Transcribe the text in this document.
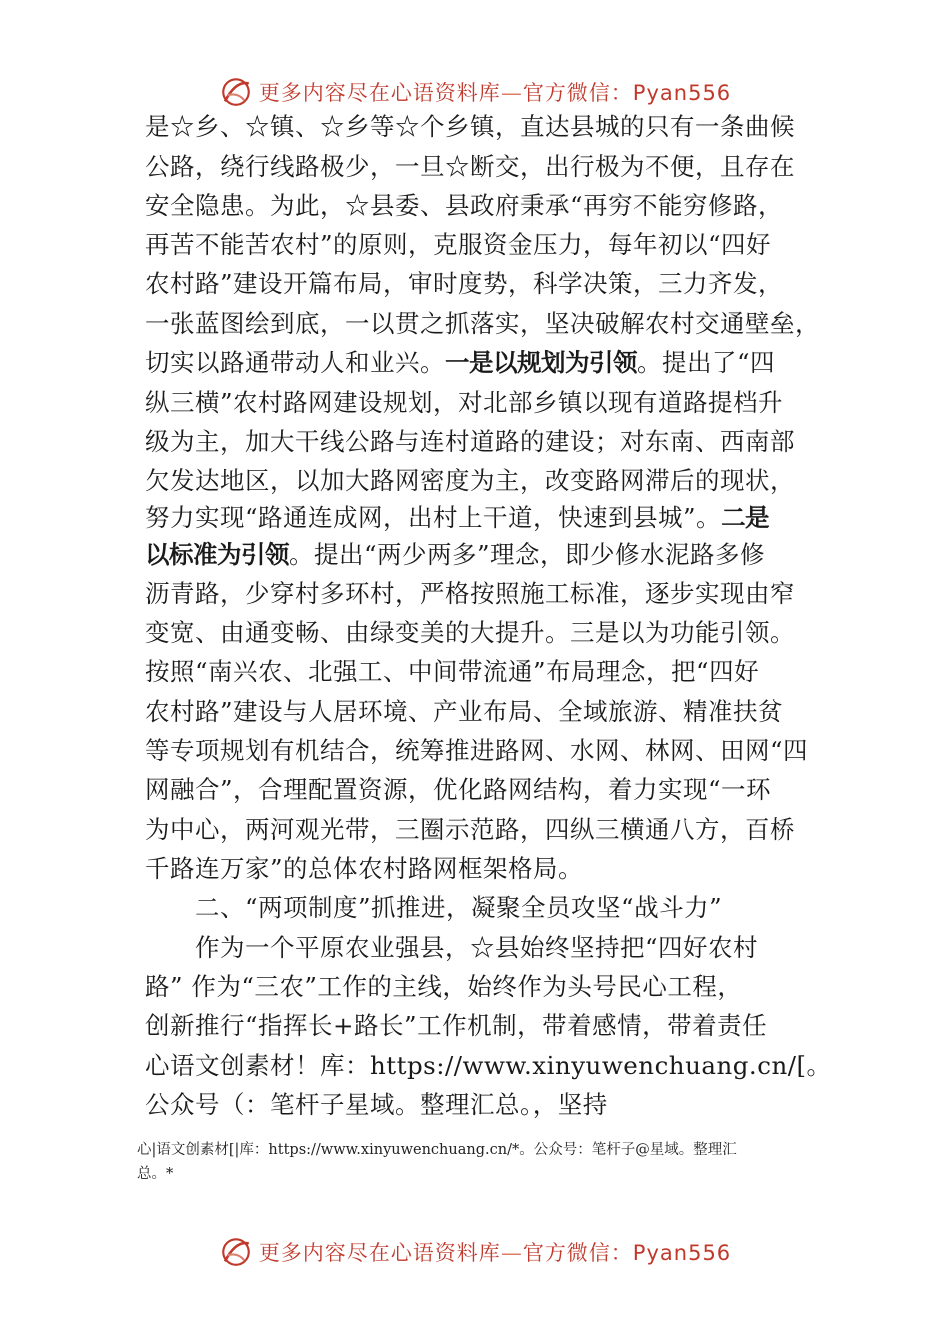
更多内容尽在心语资料库—官方微信：Pyan556
是☆乡、☆镇、☆乡等☆个乡镇，直达县城的只有一条曲候
公路，绕行线路极少，一旦☆断交，出行极为不便，且存在
安全隐患。为此，☆县委、县政府秉承“再穷不能穷修路，
再苦不能苦农村”的原则，克服资金压力，每年初以“四好
农村路”建设开篇布局，审时度势，科学决策，三力齐发，
一张蓝图绘到底，一以贯之抓落实，坚决破解农村交通壁垒，
切实以路通带动人和业兴。一是以规划为引领。提出了“四
纵三横”农村路网建设规划，对北部乡镇以现有道路提档升
级为主，加大干线公路与连村道路的建设；对东南、西南部
欠发达地区，以加大路网密度为主，改变路网滞后的现状，
努力实现“路通连成网，出村上干道，快速到县城”。二是
以标准为引领。提出“两少两多”理念，即少修水泥路多修
沥青路，少穿村多环村，严格按照施工标准，逐步实现由窄
变宽、由通变畅、由绿变美的大提升。三是以为功能引领。
按照“南兴农、北强工、中间带流通”布局理念，把“四好
农村路”建设与人居环境、产业布局、全域旅游、精准扶贫
等专项规划有机结合，统筹推进路网、水网、林网、田网“四
网融合”，合理配置资源，优化路网结构，着力实现“一环
为中心，两河观光带，三圈示范路，四纵三横通八方，百桥
千路连万家”的总体农村路网框架格局。
二、“两项制度”抓推进，凝聚全员攻坚“战斗力”
作为一个平原农业强县，☆县始终坚持把“四好农村
路” 作为“三农”工作的主线，始终作为头号民心工程，
创新推行“指挥长+路长”工作机制，带着感情，带着责任
心语文创素材！库：https://www.xinyuwenchuang.cn/[。
公众号（：笔杆子星域。整理汇总。，坚持
心|语文创素材[|库：https://www.xinyuwenchuang.cn/*。公众号：笔杆子@星域。整理汇
总。*
更多内容尽在心语资料库—官方微信：Pyan556
